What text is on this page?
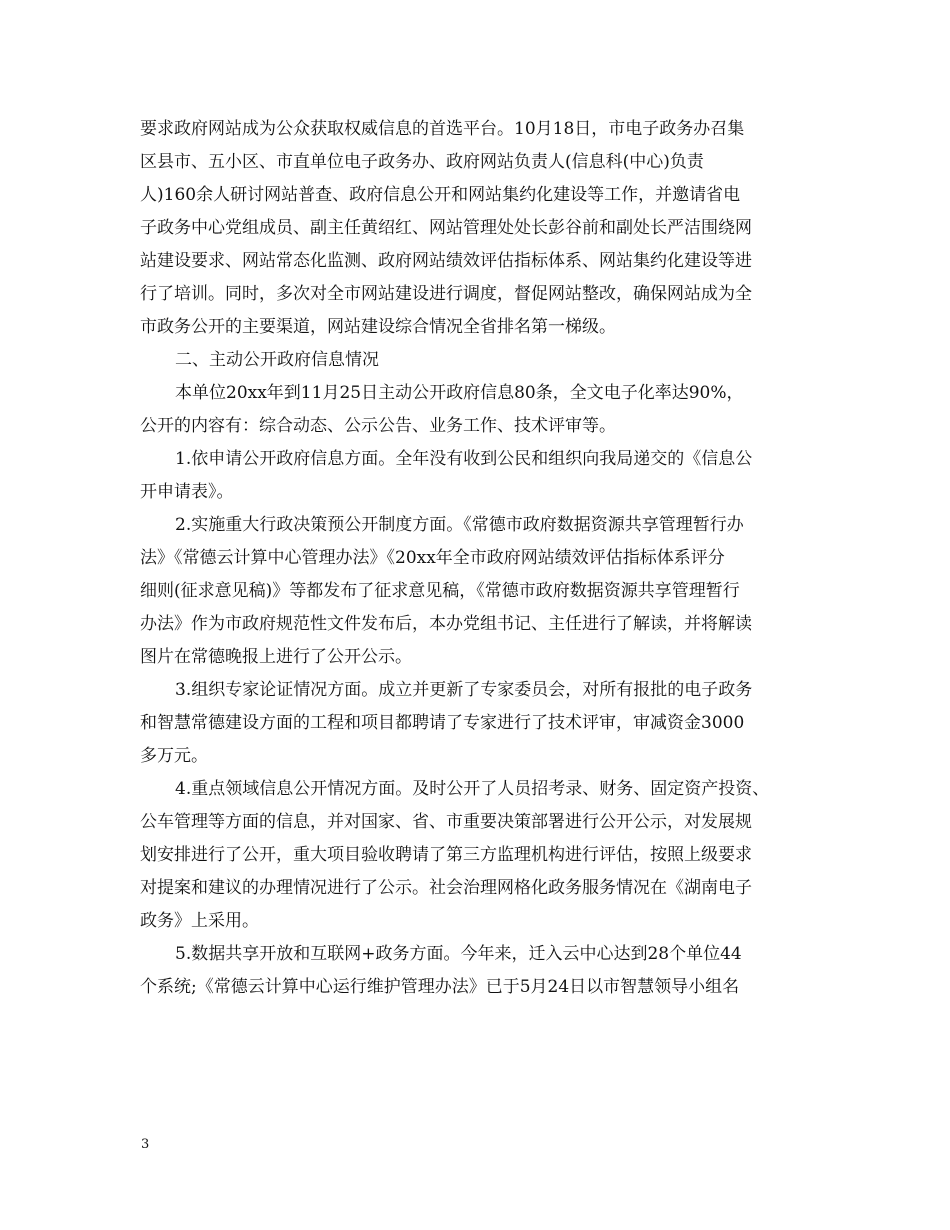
要求政府网站成为公众获取权威信息的首选平台。10月18日，市电子政务办召集
区县市、五小区、市直单位电子政务办、政府网站负责人(信息科(中心)负责
人)160余人研讨网站普查、政府信息公开和网站集约化建设等工作，并邀请省电
子政务中心党组成员、副主任黄绍红、网站管理处处长彭谷前和副处长严洁围绕网
站建设要求、网站常态化监测、政府网站绩效评估指标体系、网站集约化建设等进
行了培训。同时，多次对全市网站建设进行调度，督促网站整改，确保网站成为全
市政务公开的主要渠道，网站建设综合情况全省排名第一梯级。
二、主动公开政府信息情况
本单位20xx年到11月25日主动公开政府信息80条，全文电子化率达90%，
公开的内容有：综合动态、公示公告、业务工作、技术评审等。
1.依申请公开政府信息方面。全年没有收到公民和组织向我局递交的《信息公
开申请表》。
2.实施重大行政决策预公开制度方面。《常德市政府数据资源共享管理暂行办
法》《常德云计算中心管理办法》《20xx年全市政府网站绩效评估指标体系评分
细则(征求意见稿)》等都发布了征求意见稿，《常德市政府数据资源共享管理暂行
办法》作为市政府规范性文件发布后，本办党组书记、主任进行了解读，并将解读
图片在常德晚报上进行了公开公示。
3.组织专家论证情况方面。成立并更新了专家委员会，对所有报批的电子政务
和智慧常德建设方面的工程和项目都聘请了专家进行了技术评审，审减资金3000
多万元。
4.重点领域信息公开情况方面。及时公开了人员招考录、财务、固定资产投资、
公车管理等方面的信息，并对国家、省、市重要决策部署进行公开公示，对发展规
划安排进行了公开，重大项目验收聘请了第三方监理机构进行评估，按照上级要求
对提案和建议的办理情况进行了公示。社会治理网格化政务服务情况在《湖南电子
政务》上采用。
5.数据共享开放和互联网+政务方面。今年来，迁入云中心达到28个单位44
个系统;《常德云计算中心运行维护管理办法》已于5月24日以市智慧领导小组名
3
